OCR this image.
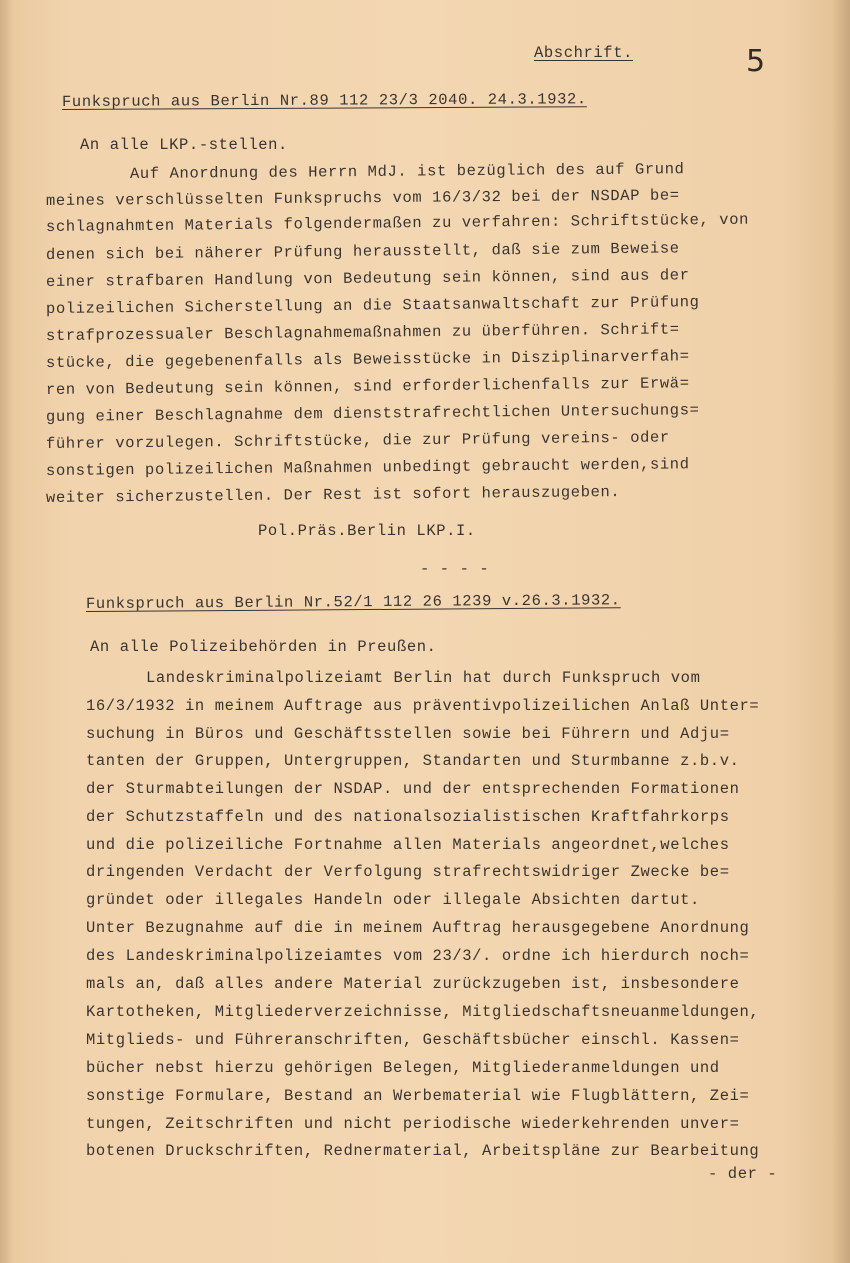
Abschrift.	5
Funkspruch aus Berlin Nr.89 112 23/3 2040. 24.3.1932.
An alle LKP.-stellen.
Auf Anordnung des Herrn MdJ. ist bezüglich des auf Grund
meines verschlüsselten Funkspruchs vom 16/3/32 bei der NSDAP be=
schlagnahmten Materials folgendermaßen zu verfahren: Schriftstücke, von
denen sich bei näherer Prüfung herausstellt, daß sie zum Beweise
einer strafbaren Handlung von Bedeutung sein können, sind aus der
polizeilichen Sicherstellung an die Staatsanwaltschaft zur Prüfung
strafprozessualer Beschlagnahmemaßnahmen zu überführen. Schrift=
stücke, die gegebenenfalls als Beweisstücke in Disziplinarverfah=
ren von Bedeutung sein können, sind erforderlichenfalls zur Erwä=
gung einer Beschlagnahme dem dienststrafrechtlichen Untersuchungs=
führer vorzulegen. Schriftstücke, die zur Prüfung vereins- oder
sonstigen polizeilichen Maßnahmen unbedingt gebraucht werden,sind
weiter sicherzustellen. Der Rest ist sofort herauszugeben.
Pol.Präs.Berlin LKP.I.
- - - -
Funkspruch aus Berlin Nr.52/1 112 26 1239 v.26.3.1932.
An alle Polizeibehörden in Preußen.
Landeskriminalpolizeiamt Berlin hat durch Funkspruch vom
16/3/1932 in meinem Auftrage aus präventivpolizeilichen Anlaß Unter=
suchung in Büros und Geschäftsstellen sowie bei Führern und Adju=
tanten der Gruppen, Untergruppen, Standarten und Sturmbanne z.b.v.
der Sturmabteilungen der NSDAP. und der entsprechenden Formationen
der Schutzstaffeln und des nationalsozialistischen Kraftfahrkorps
und die polizeiliche Fortnahme allen Materials angeordnet,welches
dringenden Verdacht der Verfolgung strafrechtswidriger Zwecke be=
gründet oder illegales Handeln oder illegale Absichten dartut.
Unter Bezugnahme auf die in meinem Auftrag herausgegebene Anordnung
des Landeskriminalpolizeiamtes vom 23/3/. ordne ich hierdurch noch=
mals an, daß alles andere Material zurückzugeben ist, insbesondere
Kartotheken, Mitgliederverzeichnisse, Mitgliedschaftsneuanmeldungen,
Mitglieds- und Führeranschriften, Geschäftsbücher einschl. Kassen=
bücher nebst hierzu gehörigen Belegen, Mitgliederanmeldungen und
sonstige Formulare, Bestand an Werbematerial wie Flugblättern, Zei=
tungen, Zeitschriften und nicht periodische wiederkehrenden unver=
botenen Druckschriften, Rednermaterial, Arbeitspläne zur Bearbeitung
- der -
